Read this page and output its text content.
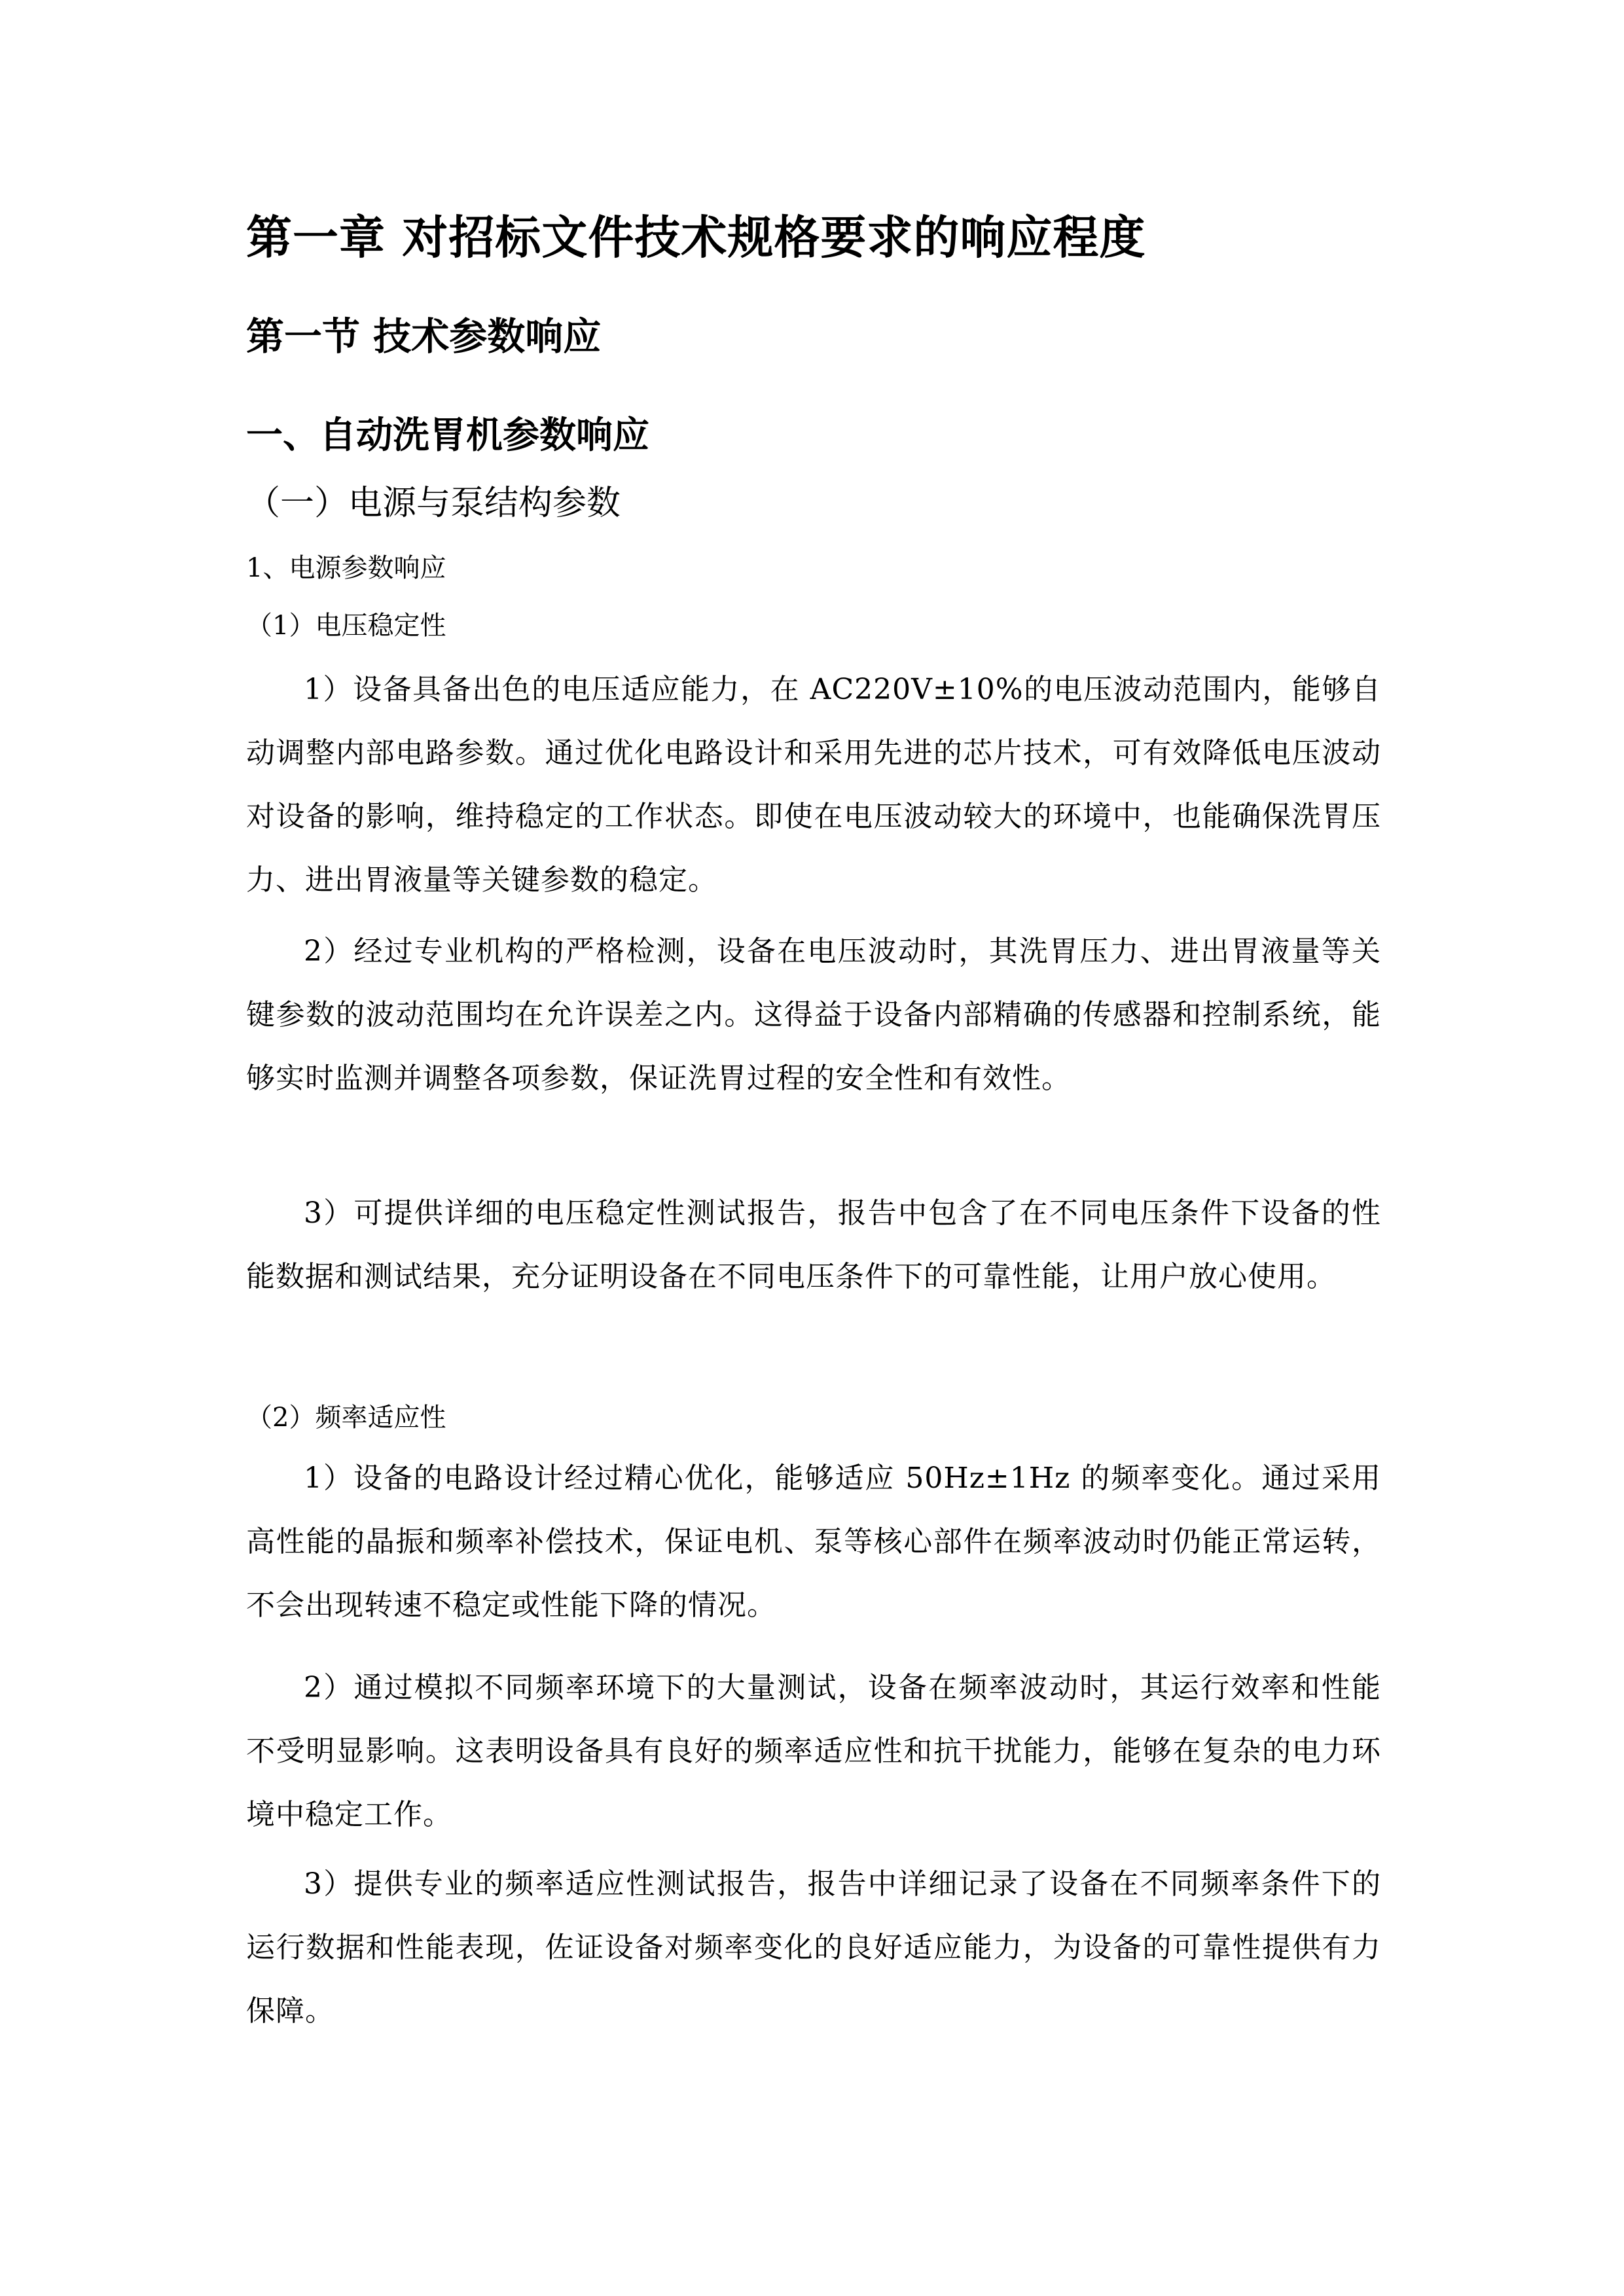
第一章 对招标文件技术规格要求的响应程度
第一节 技术参数响应
一、自动洗胃机参数响应
（一）电源与泵结构参数
1、电源参数响应
（1）电压稳定性
1）设备具备出色的电压适应能力，在 AC220V±10%的电压波动范围内，能够自动调整内部电路参数。通过优化电路设计和采用先进的芯片技术，可有效降低电压波动对设备的影响，维持稳定的工作状态。即使在电压波动较大的环境中，也能确保洗胃压力、进出胃液量等关键参数的稳定。
2）经过专业机构的严格检测，设备在电压波动时，其洗胃压力、进出胃液量等关键参数的波动范围均在允许误差之内。这得益于设备内部精确的传感器和控制系统，能够实时监测并调整各项参数，保证洗胃过程的安全性和有效性。
3）可提供详细的电压稳定性测试报告，报告中包含了在不同电压条件下设备的性能数据和测试结果，充分证明设备在不同电压条件下的可靠性能，让用户放心使用。
（2）频率适应性
1）设备的电路设计经过精心优化，能够适应 50Hz±1Hz 的频率变化。通过采用高性能的晶振和频率补偿技术，保证电机、泵等核心部件在频率波动时仍能正常运转，不会出现转速不稳定或性能下降的情况。
2）通过模拟不同频率环境下的大量测试，设备在频率波动时，其运行效率和性能不受明显影响。这表明设备具有良好的频率适应性和抗干扰能力，能够在复杂的电力环境中稳定工作。
3）提供专业的频率适应性测试报告，报告中详细记录了设备在不同频率条件下的运行数据和性能表现，佐证设备对频率变化的良好适应能力，为设备的可靠性提供有力保障。
